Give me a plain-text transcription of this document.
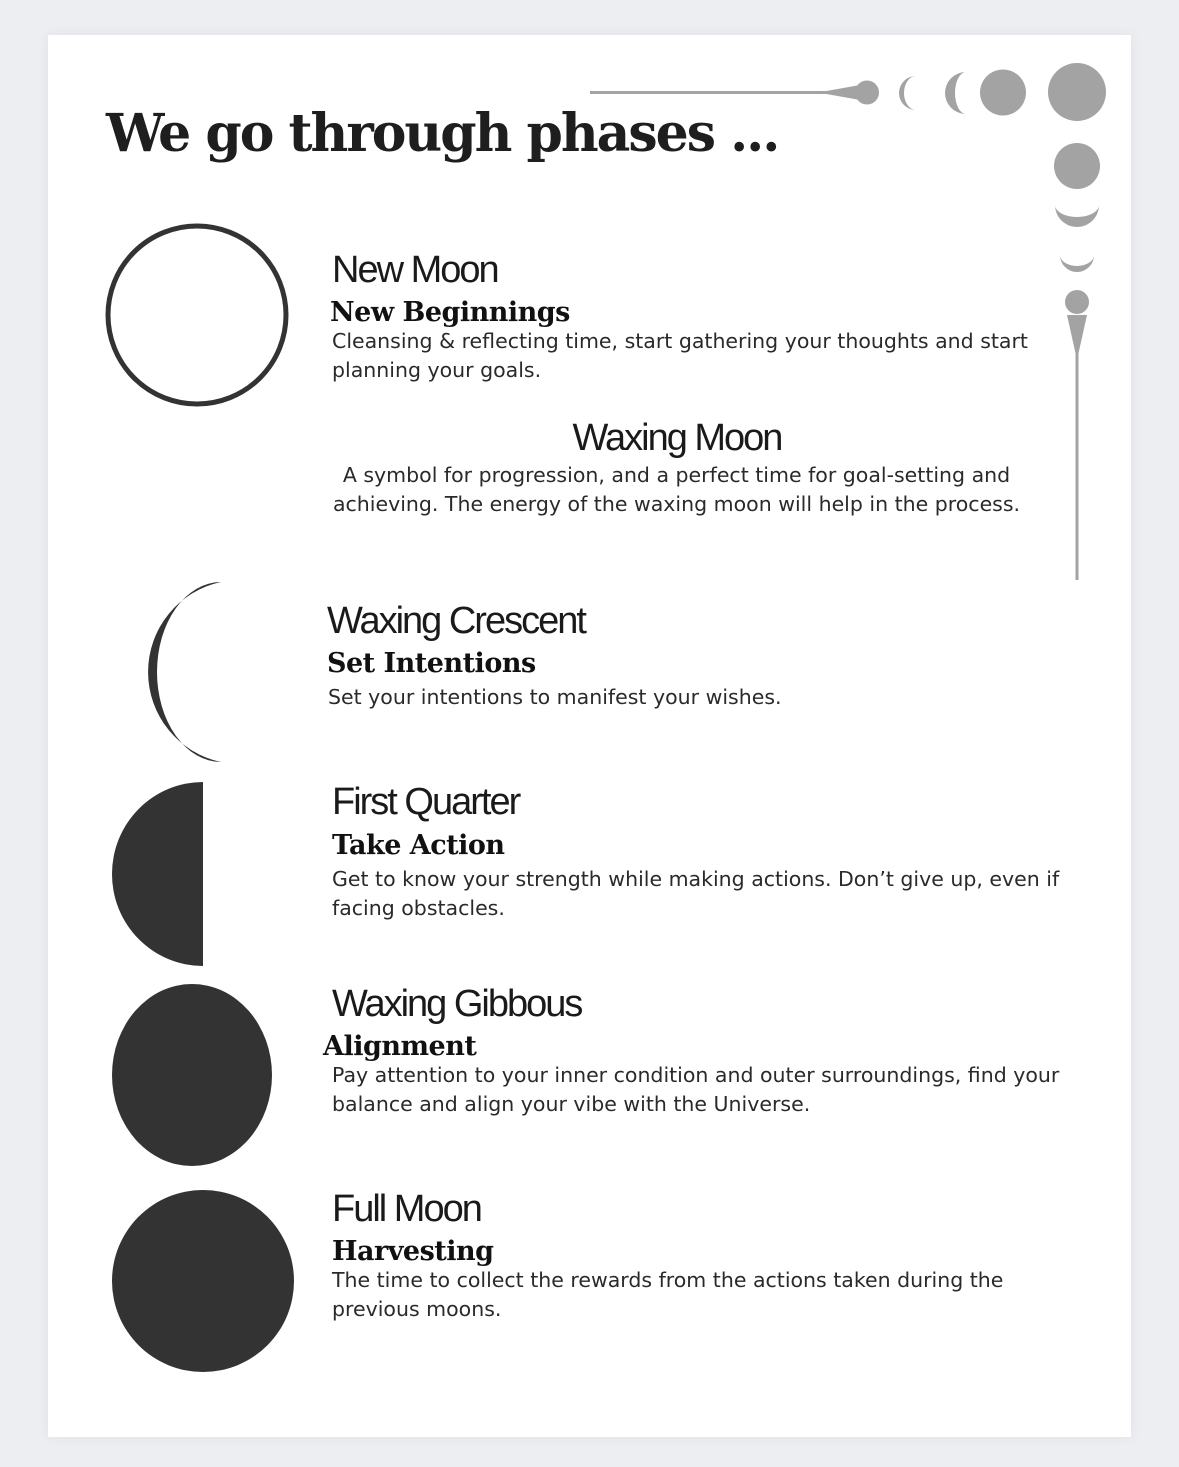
We go through phases ...
New Moon
New Beginnings
Cleansing & reflecting time, start gathering your thoughts and start planning your goals.
Waxing Moon
A symbol for progression, and a perfect time for goal-setting and achieving. The energy of the waxing moon will help in the process.
Waxing Crescent
Set Intentions
Set your intentions to manifest your wishes.
First Quarter
Take Action
Get to know your strength while making actions. Don’t give up, even if facing obstacles.
Waxing Gibbous
Alignment
Pay attention to your inner condition and outer surroundings, find your balance and align your vibe with the Universe.
Full Moon
Harvesting
The time to collect the rewards from the actions taken during the previous moons.
